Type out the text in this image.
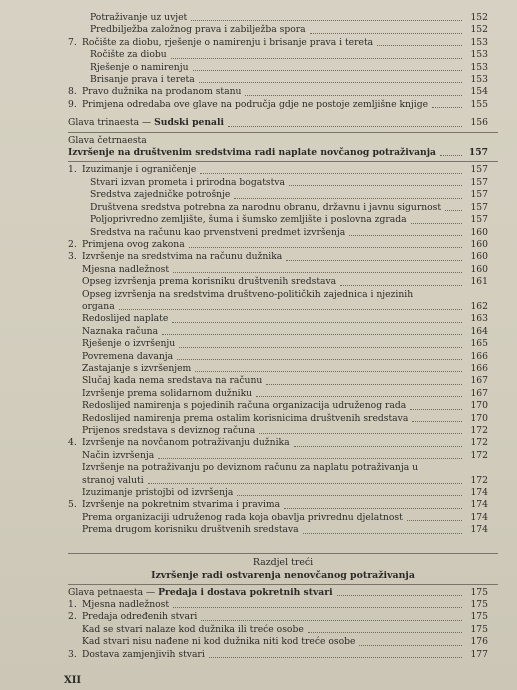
Potraživanje uz uvjet	152
Predbilježba založnog prava i zabilježba spora	152
7. Ročište za diobu, rješenje o namirenju i brisanje prava i tereta	153
Ročište za diobu	153
Rješenje o namirenju	153
Brisanje prava i tereta	153
8. Pravo dužnika na prodanom stanu	154
9. Primjena odredaba ove glave na područja gdje ne postoje zemljišne knjige	155
Glava trinaesta — Sudski penali	156
Glava četrnaesta
Izvršenje na društvenim sredstvima radi naplate novčanog potraživanja	157
1. Izuzimanje i ograničenje	157
Stvari izvan prometa i prirodna bogatstva	157
Sredstva zajedničke potrošnje	157
Društvena sredstva potrebna za narodnu obranu, državnu i javnu sigurnost	157
Poljoprivredno zemljište, šuma i šumsko zemljište i poslovna zgrada	157
Sredstva na računu kao prvenstveni predmet izvršenja	160
2. Primjena ovog zakona	160
3. Izvršenje na sredstvima na računu dužnika	160
Mjesna nadležnost	160
Opseg izvršenja prema korisniku društvenih sredstava	161
Opseg izvršenja na sredstvima društveno-političkih zajednica i njezinih
organa	162
Redoslijed naplate	163
Naznaka računa	164
Rješenje o izvršenju	165
Povremena davanja	166
Zastajanje s izvršenjem	166
Slučaj kada nema sredstava na računu	167
Izvršenje prema solidarnom dužniku	167
Redoslijed namirenja s pojedinih računa organizacija udruženog rada	170
Redoslijed namirenja prema ostalim korisnicima društvenih sredstava	170
Prijenos sredstava s deviznog računa	172
4. Izvršenje na novčanom potraživanju dužnika	172
Način izvršenja	172
Izvršenje na potraživanju po deviznom računu za naplatu potraživanja u
stranoj valuti	172
Izuzimanje pristojbi od izvršenja	174
5. Izvršenje na pokretnim stvarima i pravima	174
Prema organizaciji udruženog rada koja obavlja privrednu djelatnost	174
Prema drugom korisniku društvenih sredstava	174
Razdjel treći
Izvršenje radi ostvarenja nenovčanog potraživanja
Glava petnaesta — Predaja i dostava pokretnih stvari	175
1. Mjesna nadležnost	175
2. Predaja određenih stvari	175
Kad se stvari nalaze kod dužnika ili treće osobe	175
Kad stvari nisu nađene ni kod dužnika niti kod treće osobe	176
3. Dostava zamjenjivih stvari	177
XII
